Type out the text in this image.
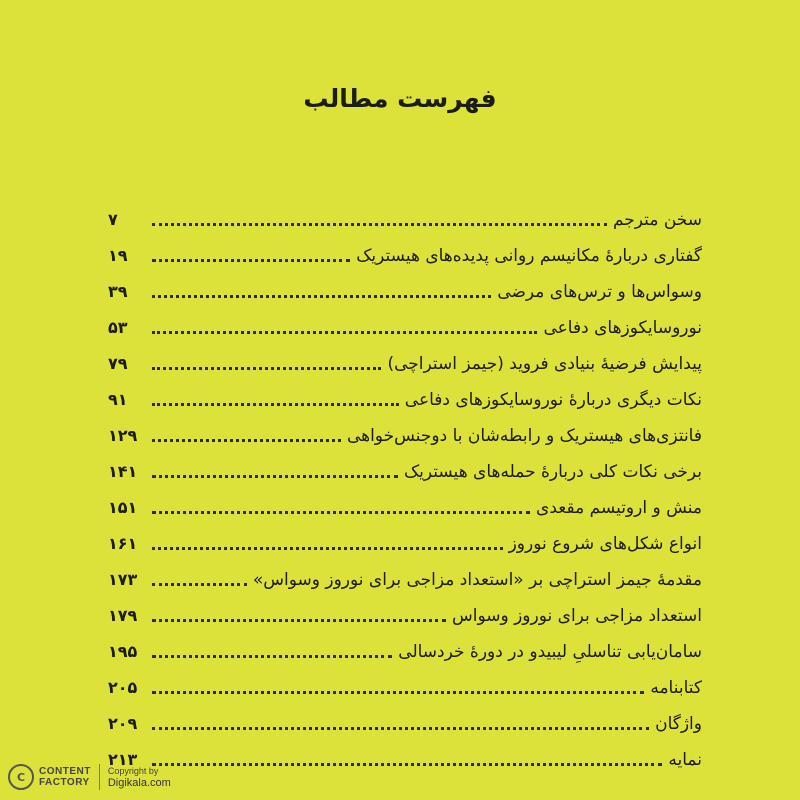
فهرست مطالب
سخن مترجم
۷
گفتاری دربارهٔ مکانیسم روانی پدیده‌های هیستریک
۱۹
وسواس‌ها و ترس‌های مرضی
۳۹
نوروسایکوزهای دفاعی
۵۳
پیدایش فرضیهٔ بنیادی فروید (جیمز استراچی)
۷۹
نکات دیگری دربارهٔ نوروسایکوزهای دفاعی
۹۱
فانتزی‌های هیستریک و رابطه‌شان با دوجنس‌خواهی
۱۲۹
برخی نکات کلی دربارهٔ حمله‌های هیستریک
۱۴۱
منش و اروتیسم مقعدی
۱۵۱
انواع شکل‌های شروع نوروز
۱۶۱
مقدمهٔ جیمز استراچی بر «استعداد مزاجی برای نوروز وسواس»
۱۷۳
استعداد مزاجی برای نوروز وسواس
۱۷۹
سامان‌یابی تناسلیِ لیبیدو در دورهٔ خردسالی
۱۹۵
کتابنامه
۲۰۵
واژگان
۲۰۹
نمایه
۲۱۳
C	CONTENT
FACTORY
Copyright by
Digikala.com
